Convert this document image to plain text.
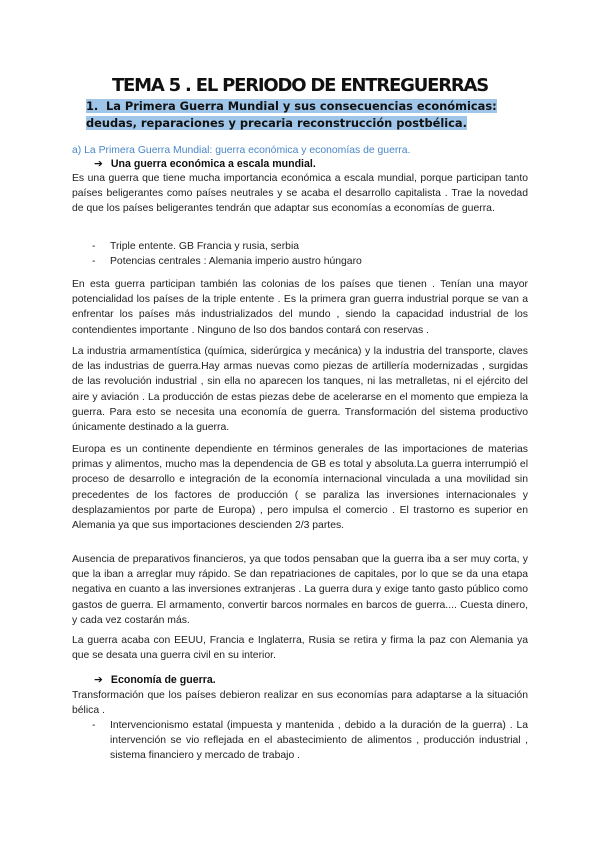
TEMA 5 . EL PERIODO DE ENTREGUERRAS
1. La Primera Guerra Mundial y sus consecuencias económicas: deudas, reparaciones y precaria reconstrucción postbélica.
a) La Primera Guerra Mundial: guerra económica y economías de guerra.
➔ Una guerra económica a escala mundial.
Es una guerra que tiene mucha importancia económica a escala mundial, porque participan tanto países beligerantes como países neutrales y se acaba el desarrollo capitalista . Trae la novedad de que los países beligerantes tendrán que adaptar sus economías a economías de guerra.
- Triple entente. GB Francia y rusia, serbia
- Potencias centrales : Alemania imperio austro húngaro
En esta guerra participan también las colonias de los países que tienen . Tenían una mayor potencialidad los países de la triple entente . Es la primera gran guerra industrial porque se van a enfrentar los países más industrializados del mundo , siendo la capacidad industrial de los contendientes importante . Ninguno de lso dos bandos contará con reservas .
La industria armamentística (química, siderúrgica y mecánica) y la industria del transporte, claves de las industrias de guerra.Hay armas nuevas como piezas de artillería modernizadas , surgidas de las revolución industrial , sin ella no aparecen los tanques, ni las metralletas, ni el ejército del aire y aviación . La producción de estas piezas debe de acelerarse en el momento que empieza la guerra. Para esto se necesita una economía de guerra. Transformación del sistema productivo únicamente destinado a la guerra.
Europa es un continente dependiente en términos generales de las importaciones de materias primas y alimentos, mucho mas la dependencia de GB es total y absoluta.La guerra interrumpió el proceso de desarrollo e integración de la economía internacional vinculada a una movilidad sin precedentes de los factores de producción ( se paraliza las inversiones internacionales y desplazamientos por parte de Europa) , pero impulsa el comercio . El trastorno es superior en Alemania ya que sus importaciones descienden 2/3 partes.
Ausencia de preparativos financieros, ya que todos pensaban que la guerra iba a ser muy corta, y que la iban a arreglar muy rápido. Se dan repatriaciones de capitales, por lo que se da una etapa negativa en cuanto a las inversiones extranjeras . La guerra dura y exige tanto gasto público como gastos de guerra. El armamento, convertir barcos normales en barcos de guerra.... Cuesta dinero, y cada vez costarán más.
La guerra acaba con EEUU, Francia e Inglaterra, Rusia se retira y firma la paz con Alemania ya que se desata una guerra civil en su interior.
➔ Economía de guerra.
Transformación que los países debieron realizar en sus economías para adaptarse a la situación bélica .
- Intervencionismo estatal (impuesta y mantenida , debido a la duración de la guerra) . La intervención se vio reflejada en el abastecimiento de alimentos , producción industrial , sistema financiero y mercado de trabajo .
